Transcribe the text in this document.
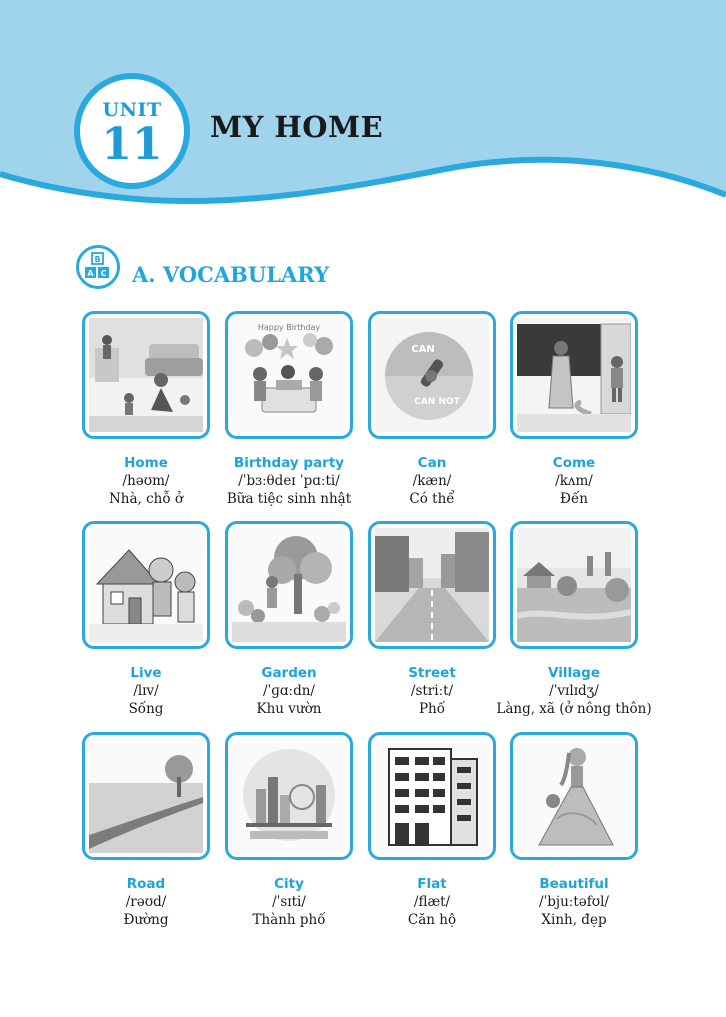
UNIT
11	MY HOME
B
A C A. VOCABULARY
Happy Birthday
CAN
CAN NOT
Home
/həʊm/
Nhà, chỗ ở
Birthday party
/ˈbɜːθdeɪ ˈpɑːti/
Bữa tiệc sinh nhật
Can
/kæn/
Có thể
Come
/kʌm/
Đến
Live
/lɪv/
Sống
Garden
/ˈɡɑːdn/
Khu vườn
Street
/striːt/
Phố
Village
/ˈvɪlɪdʒ/
Làng, xã (ở nông thôn)
Road
/rəʊd/
Đường
City
/ˈsɪti/
Thành phố
Flat
/flæt/
Căn hộ
Beautiful
/ˈbjuːtəfʊl/
Xinh, đẹp
